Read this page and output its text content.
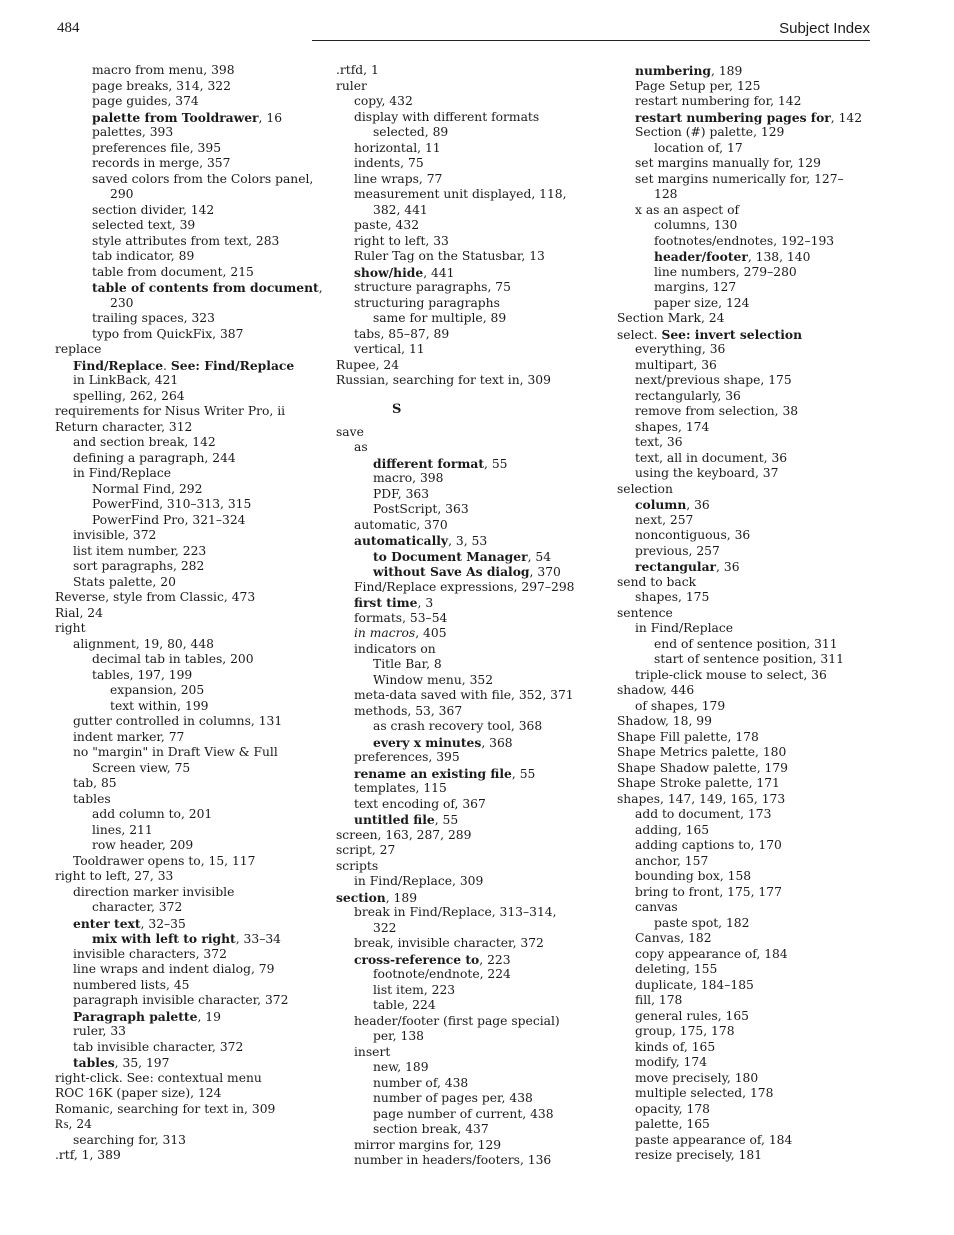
484	Subject Index
macro from menu, 398
page breaks, 314, 322
page guides, 374
palette from Tooldrawer, 16
palettes, 393
preferences file, 395
records in merge, 357
saved colors from the Colors panel,
290
section divider, 142
selected text, 39
style attributes from text, 283
tab indicator, 89
table from document, 215
table of contents from document,
230
trailing spaces, 323
typo from QuickFix, 387
replace
Find/Replace. See: Find/Replace
in LinkBack, 421
spelling, 262, 264
requirements for Nisus Writer Pro, ii
Return character, 312
and section break, 142
defining a paragraph, 244
in Find/Replace
Normal Find, 292
PowerFind, 310–313, 315
PowerFind Pro, 321–324
invisible, 372
list item number, 223
sort paragraphs, 282
Stats palette, 20
Reverse, style from Classic, 473
Rial, 24
right
alignment, 19, 80, 448
decimal tab in tables, 200
tables, 197, 199
expansion, 205
text within, 199
gutter controlled in columns, 131
indent marker, 77
no "margin" in Draft View & Full
Screen view, 75
tab, 85
tables
add column to, 201
lines, 211
row header, 209
Tooldrawer opens to, 15, 117
right to left, 27, 33
direction marker invisible
character, 372
enter text, 32–35
mix with left to right, 33–34
invisible characters, 372
line wraps and indent dialog, 79
numbered lists, 45
paragraph invisible character, 372
Paragraph palette, 19
ruler, 33
tab invisible character, 372
tables, 35, 197
right-click. See: contextual menu
ROC 16K (paper size), 124
Romanic, searching for text in, 309
₨, 24
searching for, 313
.rtf, 1, 389
.rtfd, 1
ruler
copy, 432
display with different formats
selected, 89
horizontal, 11
indents, 75
line wraps, 77
measurement unit displayed, 118,
382, 441
paste, 432
right to left, 33
Ruler Tag on the Statusbar, 13
show/hide, 441
structure paragraphs, 75
structuring paragraphs
same for multiple, 89
tabs, 85–87, 89
vertical, 11
Rupee, 24
Russian, searching for text in, 309
S
save
as
different format, 55
macro, 398
PDF, 363
PostScript, 363
automatic, 370
automatically, 3, 53
to Document Manager, 54
without Save As dialog, 370
Find/Replace expressions, 297–298
first time, 3
formats, 53–54
in macros, 405
indicators on
Title Bar, 8
Window menu, 352
meta-data saved with file, 352, 371
methods, 53, 367
as crash recovery tool, 368
every x minutes, 368
preferences, 395
rename an existing file, 55
templates, 115
text encoding of, 367
untitled file, 55
screen, 163, 287, 289
script, 27
scripts
in Find/Replace, 309
section, 189
break in Find/Replace, 313–314,
322
break, invisible character, 372
cross-reference to, 223
footnote/endnote, 224
list item, 223
table, 224
header/footer (first page special)
per, 138
insert
new, 189
number of, 438
number of pages per, 438
page number of current, 438
section break, 437
mirror margins for, 129
number in headers/footers, 136
numbering, 189
Page Setup per, 125
restart numbering for, 142
restart numbering pages for, 142
Section (#) palette, 129
location of, 17
set margins manually for, 129
set margins numerically for, 127–
128
x as an aspect of
columns, 130
footnotes/endnotes, 192–193
header/footer, 138, 140
line numbers, 279–280
margins, 127
paper size, 124
Section Mark, 24
select. See: invert selection
everything, 36
multipart, 36
next/previous shape, 175
rectangularly, 36
remove from selection, 38
shapes, 174
text, 36
text, all in document, 36
using the keyboard, 37
selection
column, 36
next, 257
noncontiguous, 36
previous, 257
rectangular, 36
send to back
shapes, 175
sentence
in Find/Replace
end of sentence position, 311
start of sentence position, 311
triple-click mouse to select, 36
shadow, 446
of shapes, 179
Shadow, 18, 99
Shape Fill palette, 178
Shape Metrics palette, 180
Shape Shadow palette, 179
Shape Stroke palette, 171
shapes, 147, 149, 165, 173
add to document, 173
adding, 165
adding captions to, 170
anchor, 157
bounding box, 158
bring to front, 175, 177
canvas
paste spot, 182
Canvas, 182
copy appearance of, 184
deleting, 155
duplicate, 184–185
fill, 178
general rules, 165
group, 175, 178
kinds of, 165
modify, 174
move precisely, 180
multiple selected, 178
opacity, 178
palette, 165
paste appearance of, 184
resize precisely, 181
